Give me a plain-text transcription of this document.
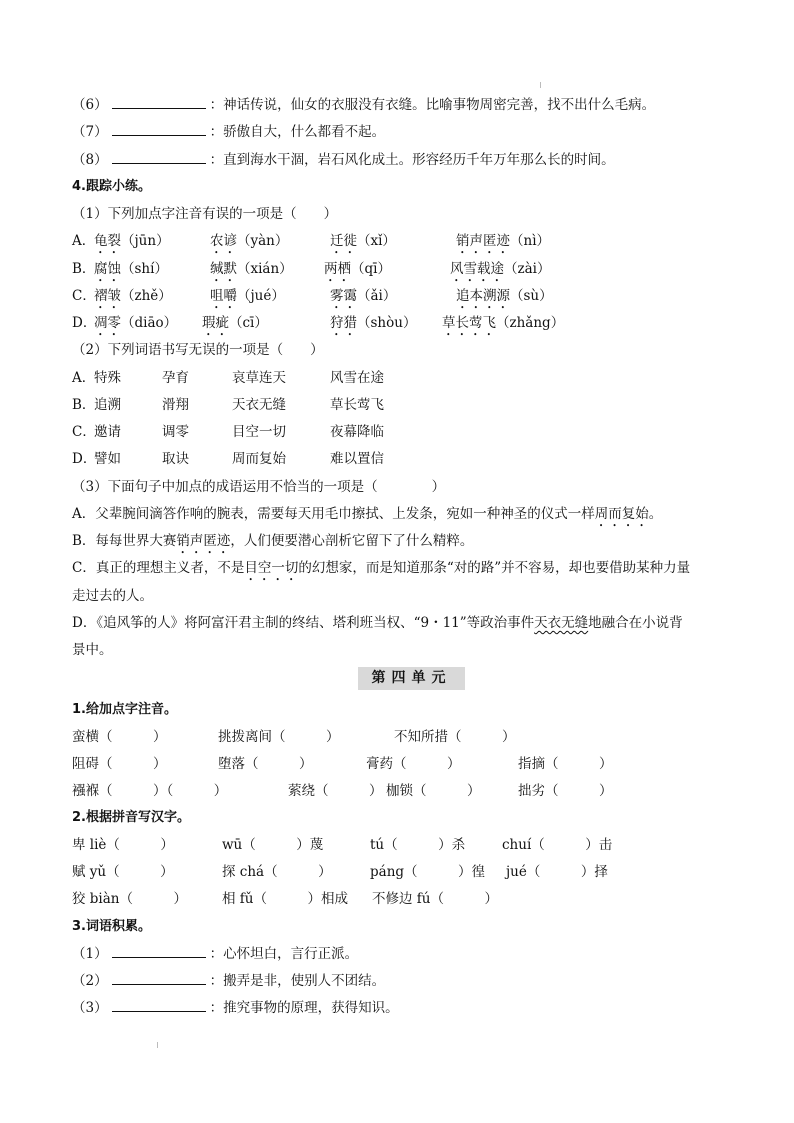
（6）	：神话传说，仙女的衣服没有衣缝。比喻事物周密完善，找不出什么毛病。
（7）	：骄傲自大，什么都看不起。
（8）	：直到海水干涸，岩石风化成土。形容经历千年万年那么长的时间。
4.跟踪小练。
（1）下列加点字注音有误的一项是（　　）
A．
龟裂（jūn）	农谚（yàn）	迁徙（xǐ）	销声匿迹（nì）
B．
腐蚀（shí）	缄默（xián） 两栖（qī）	风雪载途（zài）
C．
褶皱（zhě）	咀嚼（jué）	雾霭（ǎi）	追本溯源（sù）
D．
凋零（diāo） 瑕疵（cī）	狩猎（shòu） 草长莺飞（zhǎng）
（2）下列词语书写无误的一项是（　　）
A．
特殊	孕育	哀草连天	风雪在途
B．
追溯	滑翔	天衣无缝	草长莺飞
C．
邀请	调零	目空一切	夜幕降临
D．
譬如	取诀	周而复始	难以置信
（3）下面句子中加点的成语运用不恰当的一项是（　　　　）
A．父辈腕间滴答作响的腕表，需要每天用毛巾擦拭、上发条，宛如一种神圣的仪式一样周而复始。
B．每每世界大赛销声匿迹，人们便要潜心剖析它留下了什么精粹。
C．真正的理想主义者，不是目空一切的幻想家，而是知道那条“对的路”并不容易，却也要借助某种力量
走过去的人。
D．《追风筝的人》将阿富汗君主制的终结、塔利班当权、“9・11”等政治事件天衣无缝地融合在小说背
景中。
第四单元
1.给加点字注音。
蛮横（　　　）	挑拨离间（　　　）	不知所措（　　　）
阻碍（　　　）	堕落（　　　）	膏药（　　　）	指摘（　　　）
襁褓（　　　）（　　　）	萦绕（　　　） 枷锁（　　　）	拙劣（　　　）
2.根据拼音写汉字。
卑 liè（　　　）	wū（　　　）蔑	tú（　　　）杀	chuí（　　　）击
赋 yǔ（　　　）	探 chá（　　　）	páng（　　　）徨 jué（　　　）择
狡 biàn（　　　）	相 fǔ（　　　）相成 不修边 fú（　　　）
3.词语积累。
（1）	：心怀坦白，言行正派。
（2）	：搬弄是非，使别人不团结。
（3）	：推究事物的原理，获得知识。
